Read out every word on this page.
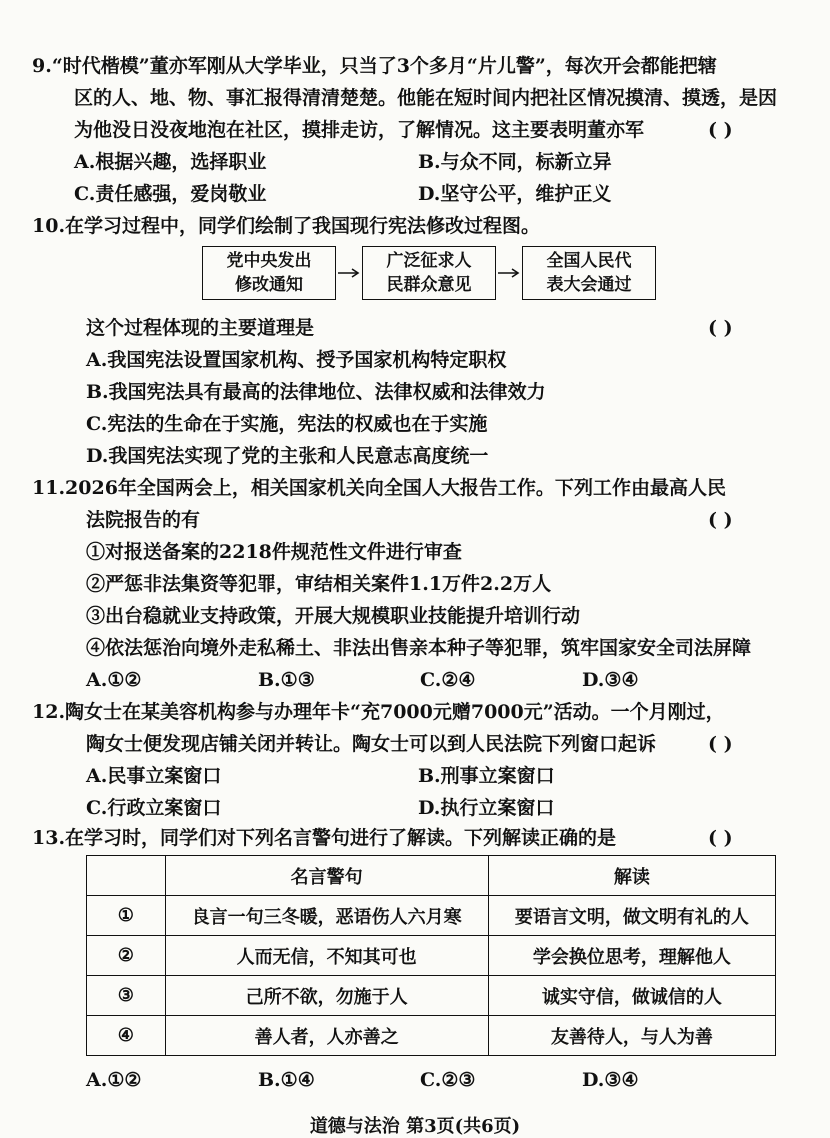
9.“时代楷模”董亦军刚从大学毕业，只当了3个多月“片儿警”，每次开会都能把辖
区的人、地、物、事汇报得清清楚楚。他能在短时间内把社区情况摸清、摸透，是因
为他没日没夜地泡在社区，摸排走访，了解情况。这主要表明董亦军	( )
A.根据兴趣，选择职业	B.与众不同，标新立异
C.责任感强，爱岗敬业	D.坚守公平，维护正义
10.在学习过程中，同学们绘制了我国现行宪法修改过程图。
党中央发出
修改通知
广泛征求人
民群众意见
全国人民代
表大会通过
这个过程体现的主要道理是	( )
A.我国宪法设置国家机构、授予国家机构特定职权
B.我国宪法具有最高的法律地位、法律权威和法律效力
C.宪法的生命在于实施，宪法的权威也在于实施
D.我国宪法实现了党的主张和人民意志高度统一
11.2026年全国两会上，相关国家机关向全国人大报告工作。下列工作由最高人民
法院报告的有	( )
①对报送备案的2218件规范性文件进行审查
②严惩非法集资等犯罪，审结相关案件1.1万件2.2万人
③出台稳就业支持政策，开展大规模职业技能提升培训行动
④依法惩治向境外走私稀土、非法出售亲本种子等犯罪，筑牢国家安全司法屏障
A.①②	B.①③	C.②④	D.③④
12.陶女士在某美容机构参与办理年卡“充7000元赠7000元”活动。一个月刚过，
陶女士便发现店铺关闭并转让。陶女士可以到人民法院下列窗口起诉	( )
A.民事立案窗口	B.刑事立案窗口
C.行政立案窗口	D.执行立案窗口
13.在学习时，同学们对下列名言警句进行了解读。下列解读正确的是	( )
	名言警句	解读
①	良言一句三冬暖，恶语伤人六月寒	要语言文明，做文明有礼的人
②	人而无信，不知其可也	学会换位思考，理解他人
③	己所不欲，勿施于人	诚实守信，做诚信的人
④	善人者，人亦善之	友善待人，与人为善
A.①②	B.①④	C.②③	D.③④
道德与法治 第3页(共6页)
